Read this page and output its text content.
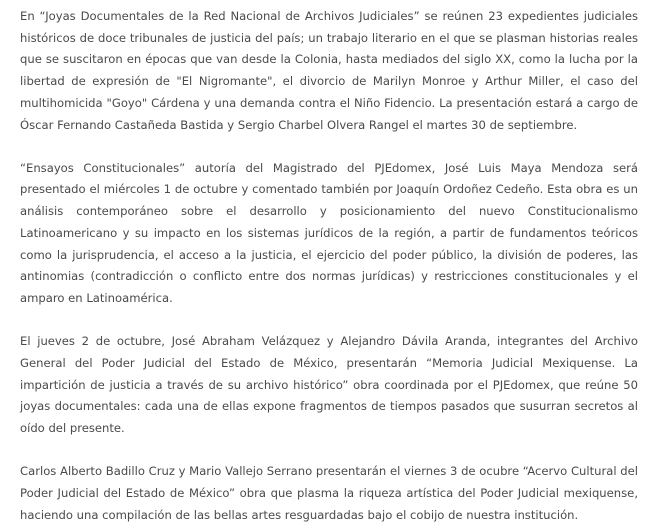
En “Joyas Documentales de la Red Nacional de Archivos Judiciales” se reúnen 23 expedientes judiciales históricos de doce tribunales de justicia del país; un trabajo literario en el que se plasman historias reales que se suscitaron en épocas que van desde la Colonia, hasta mediados del siglo XX, como la lucha por la libertad de expresión de "El Nigromante", el divorcio de Marilyn Monroe y Arthur Miller, el caso del multihomicida "Goyo" Cárdena y una demanda contra el Niño Fidencio. La presentación estará a cargo de Óscar Fernando Castañeda Bastida y Sergio Charbel Olvera Rangel el martes 30 de septiembre.

“Ensayos Constitucionales” autoría del Magistrado del PJEdomex, José Luis Maya Mendoza será presentado el miércoles 1 de octubre y comentado también por Joaquín Ordoñez Cedeño. Esta obra es un análisis contemporáneo sobre el desarrollo y posicionamiento del nuevo Constitucionalismo Latinoamericano y su impacto en los sistemas jurídicos de la región, a partir de fundamentos teóricos como la jurisprudencia, el acceso a la justicia, el ejercicio del poder público, la división de poderes, las antinomias (contradicción o conflicto entre dos normas jurídicas) y restricciones constitucionales y el amparo en Latinoamérica.

El jueves 2 de octubre, José Abraham Velázquez y Alejandro Dávila Aranda, integrantes del Archivo General del Poder Judicial del Estado de México, presentarán “Memoria Judicial Mexiquense. La impartición de justicia a través de su archivo histórico” obra coordinada por el PJEdomex, que reúne 50 joyas documentales: cada una de ellas expone fragmentos de tiempos pasados que susurran secretos al oído del presente.

Carlos Alberto Badillo Cruz y Mario Vallejo Serrano presentarán el viernes 3 de ocubre “Acervo Cultural del Poder Judicial del Estado de México” obra que plasma la riqueza artística del Poder Judicial mexiquense, haciendo una compilación de las bellas artes resguardadas bajo el cobijo de nuestra institución.
